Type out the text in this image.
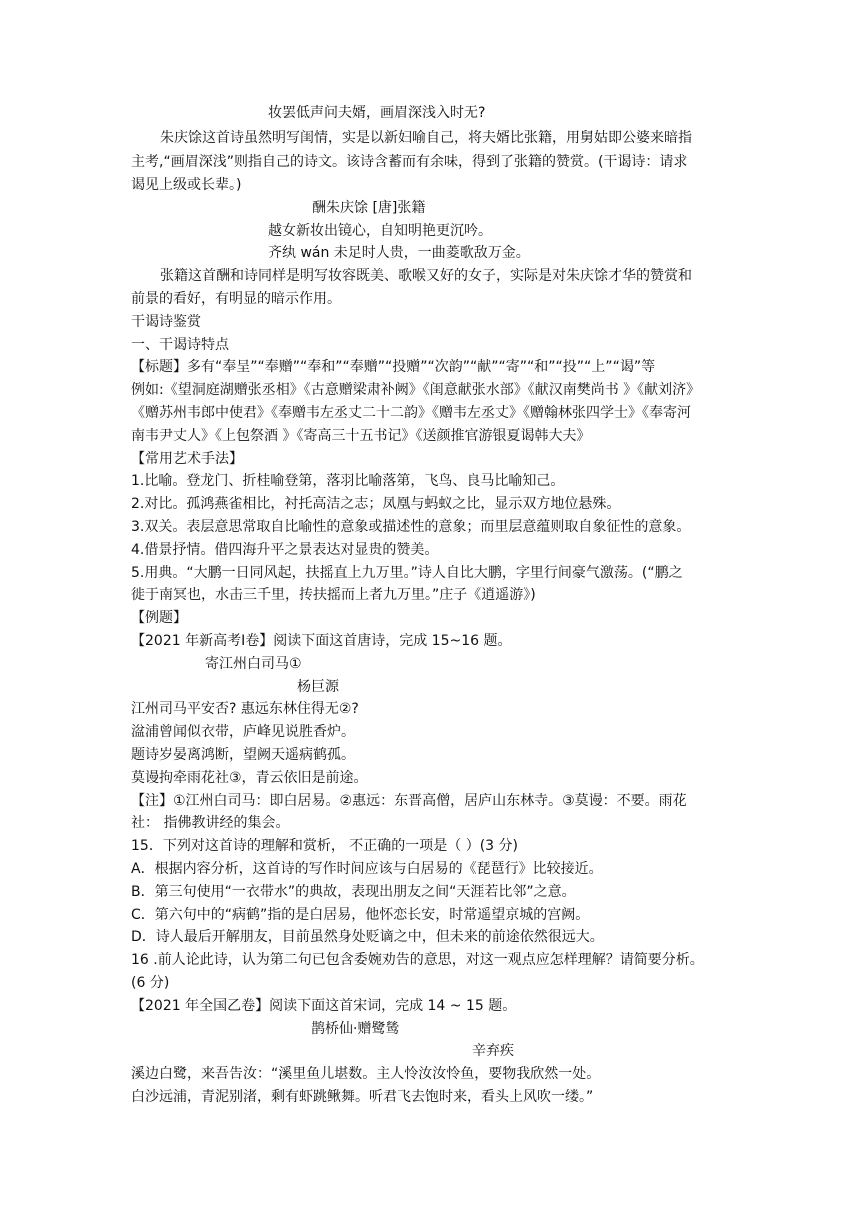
妆罢低声问夫婿，画眉深浅入时无?
朱庆馀这首诗虽然明写闺情，实是以新妇喻自己，将夫婿比张籍，用舅姑即公婆来暗指
主考,“画眉深浅”则指自己的诗文。该诗含蓄而有余味，得到了张籍的赞赏。(干谒诗：请求
谒见上级或长辈。)
酬朱庆馀 [唐]张籍
越女新妆出镜心，自知明艳更沉吟。
齐纨 wán 未足时人贵，一曲菱歌敌万金。
张籍这首酬和诗同样是明写妆容既美、歌喉又好的女子，实际是对朱庆馀才华的赞赏和
前景的看好，有明显的暗示作用。
干谒诗鉴赏
一、干谒诗特点
【标题】多有“奉呈”“奉赠”“奉和”“奉赠”“投赠”“次韵”“献”“寄”“和”“投”“上”“谒”等
例如:《望洞庭湖赠张丞相》《古意赠梁肃补阙》《闺意献张水部》《献汉南樊尚书 》《献刘济》
《赠苏州韦郎中使君》《奉赠韦左丞丈二十二韵》《赠韦左丞丈》《赠翰林张四学士》《奉寄河
南韦尹丈人》《上包祭酒 》《寄高三十五书记》《送颜推官游银夏谒韩大夫》
【常用艺术手法】
1.比喻。登龙门、折桂喻登第，落羽比喻落第，飞鸟、良马比喻知己。
2.对比。孤鸿燕雀相比，衬托高洁之志；凤凰与蚂蚁之比，显示双方地位悬殊。
3.双关。表层意思常取自比喻性的意象或描述性的意象；而里层意蕴则取自象征性的意象。
4.借景抒情。借四海升平之景表达对显贵的赞美。
5.用典。“大鹏一日同风起，扶摇直上九万里。”诗人自比大鹏，字里行间豪气激荡。(“鹏之
徙于南冥也，水击三千里，抟扶摇而上者九万里。”庄子《逍遥游》)
【例题】
【2021 年新高考Ⅰ卷】阅读下面这首唐诗，完成 15~16 题。
寄江州白司马①
杨巨源
江州司马平安否? 惠远东林住得无②?
湓浦曾闻似衣带，庐峰见说胜香炉。
题诗岁晏离鸿断，望阙天遥病鹤孤。
莫谩拘牵雨花社③，青云依旧是前途。
【注】①江州白司马：即白居易。②惠远：东晋高僧，居庐山东林寺。③莫谩：不要。雨花
社： 指佛教讲经的集会。
15．下列对这首诗的理解和赏析， 不正确的一项是（ ）(3 分)
A．根据内容分析，这首诗的写作时间应该与白居易的《琵琶行》比较接近。
B．第三句使用“一衣带水”的典故，表现出朋友之间“天涯若比邻”之意。
C．第六句中的“病鹤”指的是白居易，他怀恋长安，时常遥望京城的宫阙。
D．诗人最后开解朋友，目前虽然身处贬谪之中，但未来的前途依然很远大。
16 .前人论此诗，认为第二句已包含委婉劝告的意思，对这一观点应怎样理解？请简要分析。
(6 分)
【2021 年全国乙卷】阅读下面这首宋词，完成 14 ~ 15 题。
鹊桥仙·赠鹭鸶
辛弃疾
溪边白鹭，来吾告汝：“溪里鱼儿堪数。主人怜汝汝怜鱼，要物我欣然一处。
白沙远浦，青泥别渚，剩有虾跳鳅舞。听君飞去饱时来，看头上风吹一缕。”
